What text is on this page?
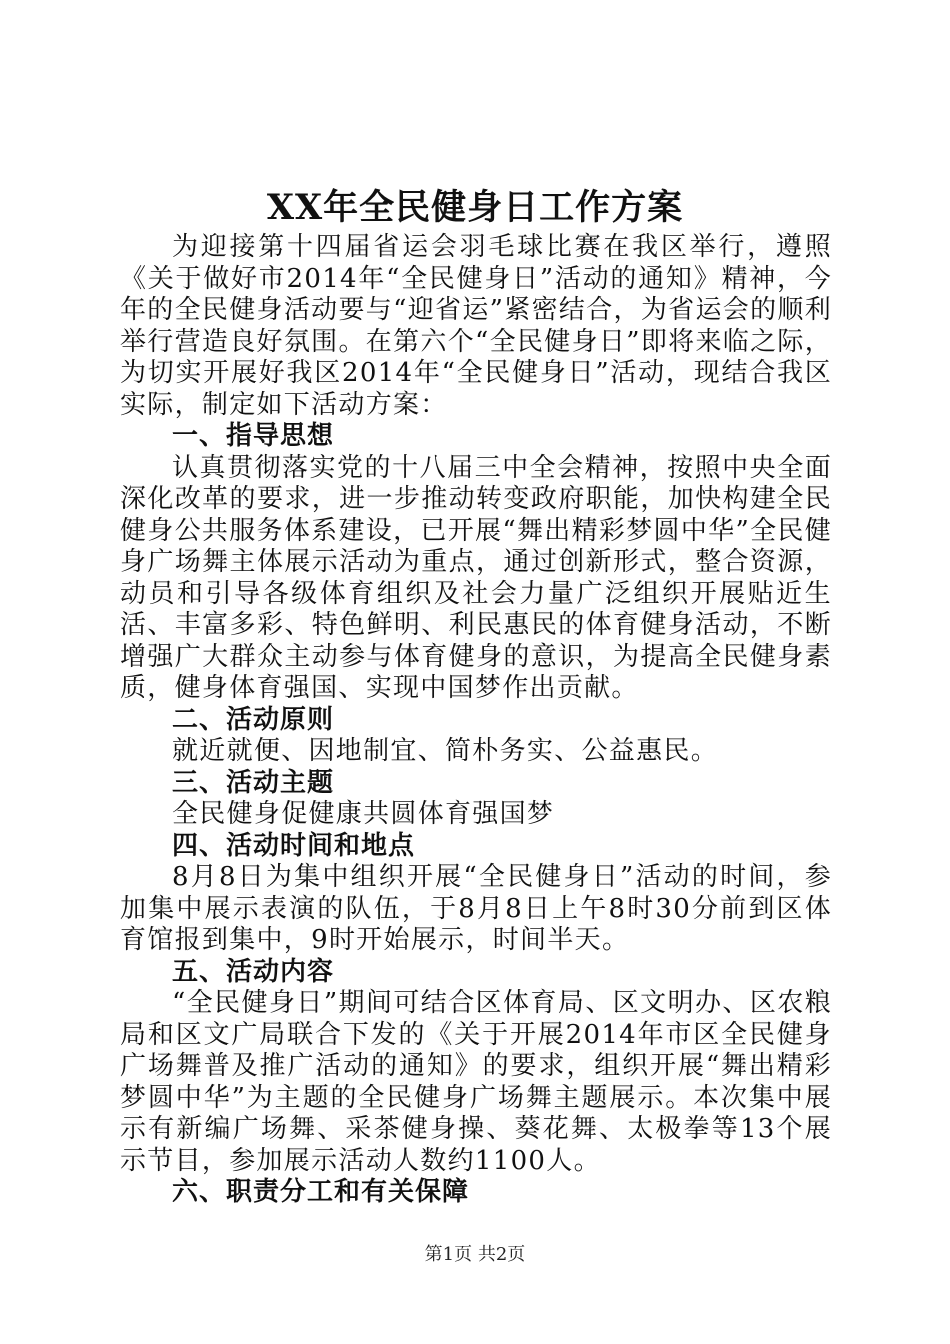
XX年全民健身日工作方案

为迎接第十四届省运会羽毛球比赛在我区举行，遵照《关于做好市2014年“全民健身日”活动的通知》精神，今年的全民健身活动要与“迎省运”紧密结合，为省运会的顺利举行营造良好氛围。在第六个“全民健身日”即将来临之际，为切实开展好我区2014年“全民健身日”活动，现结合我区实际，制定如下活动方案：

一、指导思想

认真贯彻落实党的十八届三中全会精神，按照中央全面深化改革的要求，进一步推动转变政府职能，加快构建全民健身公共服务体系建设，已开展“舞出精彩梦圆中华”全民健身广场舞主体展示活动为重点，通过创新形式，整合资源，动员和引导各级体育组织及社会力量广泛组织开展贴近生活、丰富多彩、特色鲜明、利民惠民的体育健身活动，不断增强广大群众主动参与体育健身的意识，为提高全民健身素质，健身体育强国、实现中国梦作出贡献。

二、活动原则

就近就便、因地制宜、简朴务实、公益惠民。

三、活动主题

全民健身促健康共圆体育强国梦

四、活动时间和地点

8月8日为集中组织开展“全民健身日”活动的时间，参加集中展示表演的队伍，于8月8日上午8时30分前到区体育馆报到集中，9时开始展示，时间半天。

五、活动内容

“全民健身日”期间可结合区体育局、区文明办、区农粮局和区文广局联合下发的《关于开展2014年市区全民健身广场舞普及推广活动的通知》的要求，组织开展“舞出精彩梦圆中华”为主题的全民健身广场舞主题展示。本次集中展示有新编广场舞、采茶健身操、葵花舞、太极拳等13个展示节目，参加展示活动人数约1100人。

六、职责分工和有关保障

第1页 共2页
